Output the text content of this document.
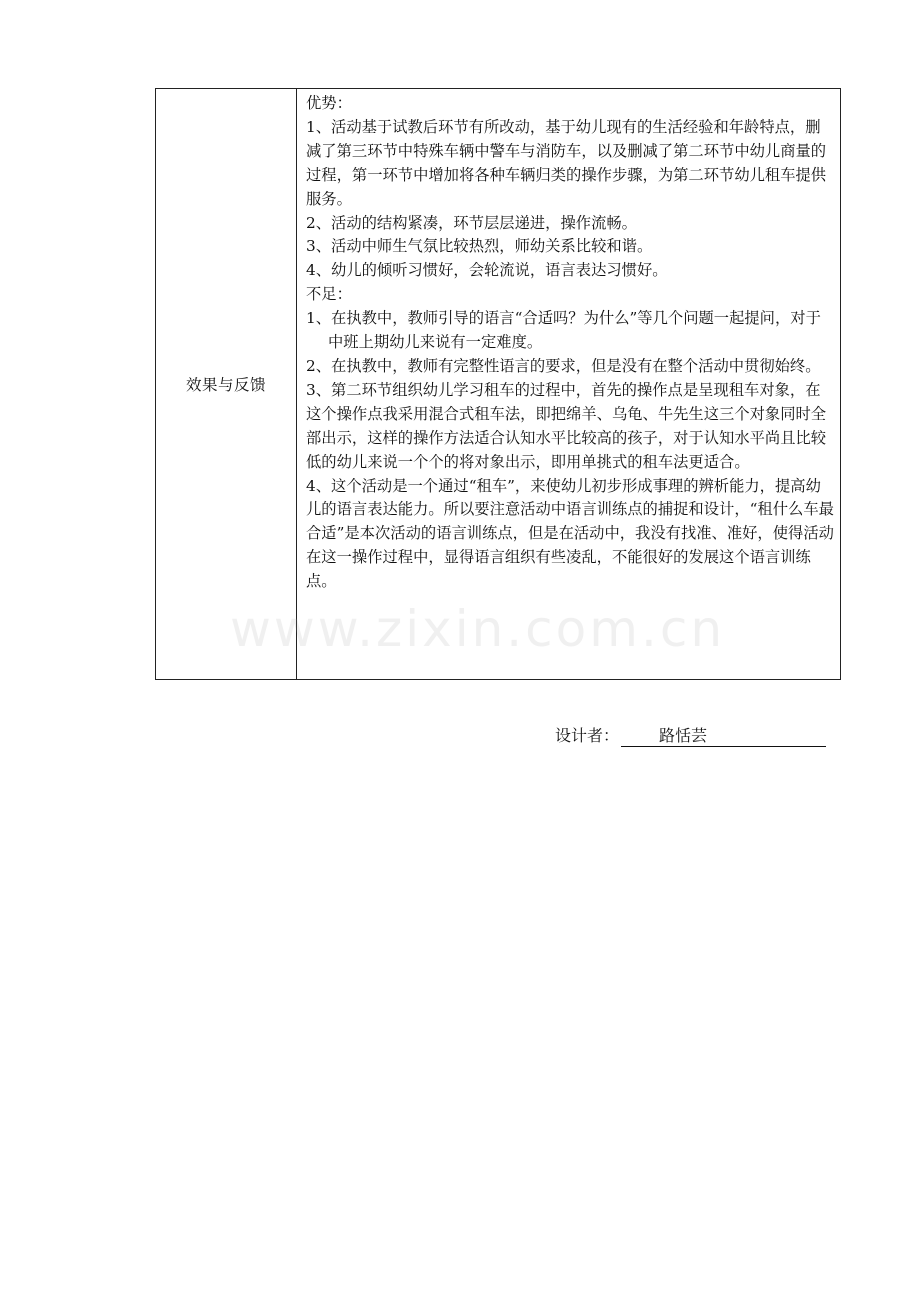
效果与反馈

优势：

1、活动基于试教后环节有所改动，基于幼儿现有的生活经验和年龄特点，删减了第三环节中特殊车辆中警车与消防车，以及删减了第二环节中幼儿商量的过程，第一环节中增加将各种车辆归类的操作步骤，为第二环节幼儿租车提供服务。

2、活动的结构紧凑，环节层层递进，操作流畅。

3、活动中师生气氛比较热烈，师幼关系比较和谐。

4、幼儿的倾听习惯好，会轮流说，语言表达习惯好。

不足：

1、在执教中，教师引导的语言“合适吗？为什么”等几个问题一起提问，对于中班上期幼儿来说有一定难度。

2、在执教中，教师有完整性语言的要求，但是没有在整个活动中贯彻始终。

3、第二环节组织幼儿学习租车的过程中，首先的操作点是呈现租车对象，在这个操作点我采用混合式租车法，即把绵羊、乌龟、牛先生这三个对象同时全部出示，这样的操作方法适合认知水平比较高的孩子，对于认知水平尚且比较低的幼儿来说一个个的将对象出示，即用单挑式的租车法更适合。

4、这个活动是一个通过“租车”，来使幼儿初步形成事理的辨析能力，提高幼儿的语言表达能力。所以要注意活动中语言训练点的捕捉和设计，“租什么车最合适”是本次活动的语言训练点，但是在活动中，我没有找准、准好，使得活动在这一操作过程中，显得语言组织有些凌乱，不能很好的发展这个语言训练点。

www.zixin.com.cn
设计者：	路恬芸
